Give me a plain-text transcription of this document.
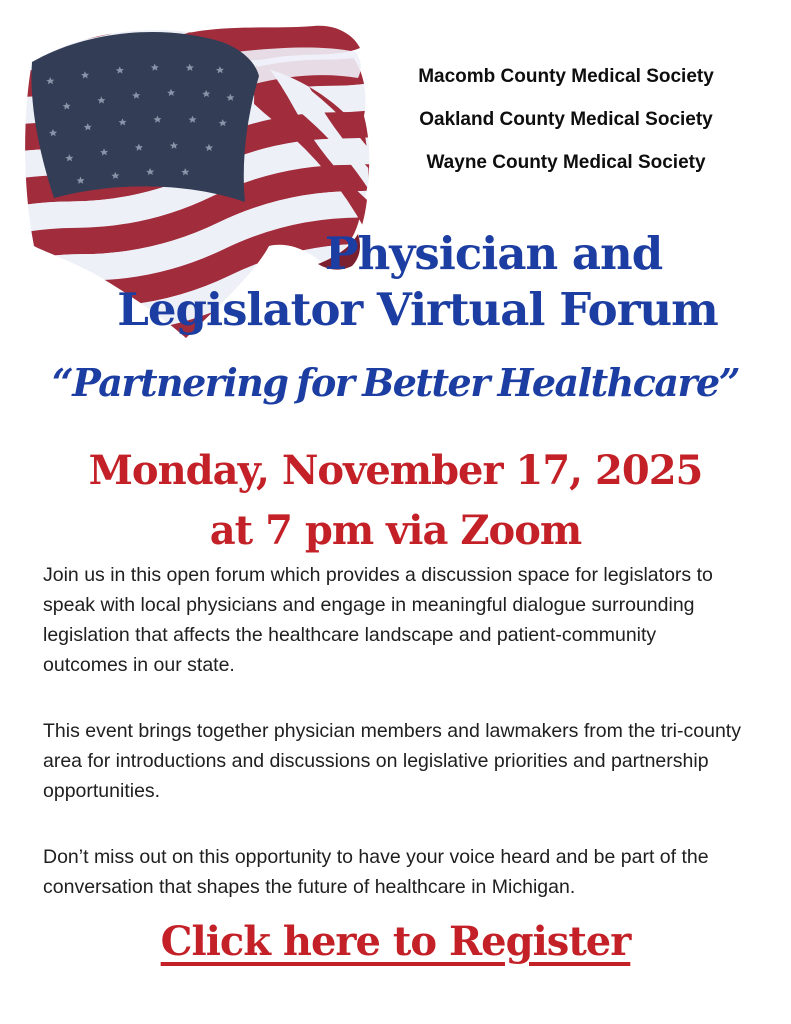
Macomb County Medical Society
Oakland County Medical Society
Wayne County Medical Society
Physician and
Legislator Virtual Forum
“Partnering for Better Healthcare”
Monday, November 17, 2025
at 7 pm via Zoom

Join us in this open forum which provides a discussion space for legislators to speak with local physicians and engage in meaningful dialogue surrounding legislation that affects the healthcare landscape and patient-community outcomes in our state.

This event brings together physician members and lawmakers from the tri-county area for introductions and discussions on legislative priorities and partnership opportunities.

Don’t miss out on this opportunity to have your voice heard and be part of the conversation that shapes the future of healthcare in Michigan.

Click here to Register
